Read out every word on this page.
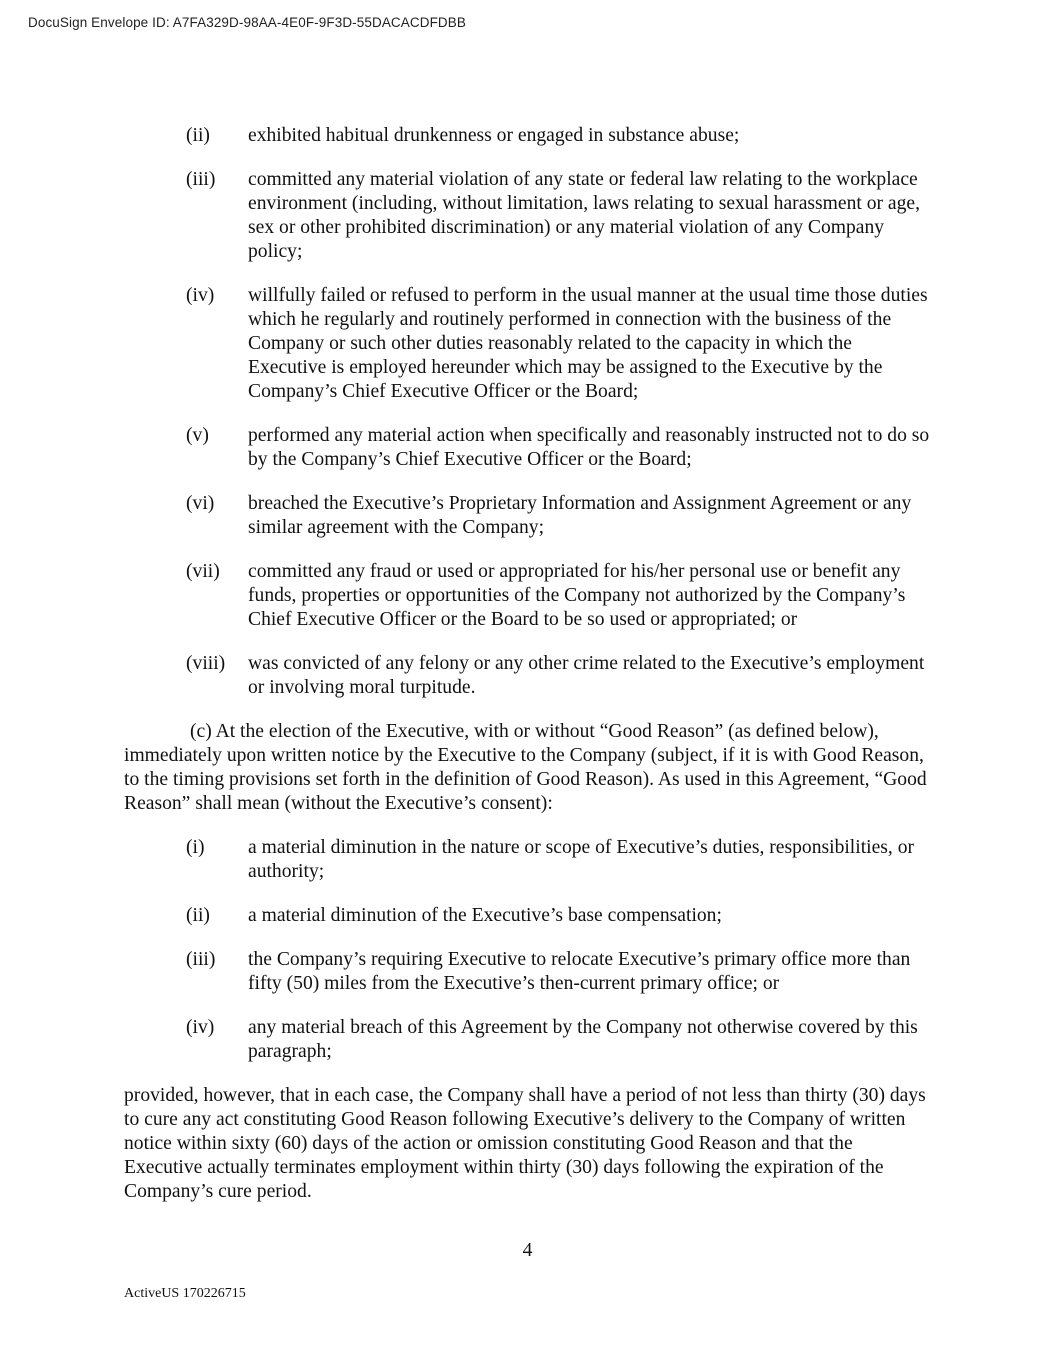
DocuSign Envelope ID: A7FA329D-98AA-4E0F-9F3D-55DACACDFDBB
(ii) exhibited habitual drunkenness or engaged in substance abuse;
(iii) committed any material violation of any state or federal law relating to the workplace environment (including, without limitation, laws relating to sexual harassment or age, sex or other prohibited discrimination) or any material violation of any Company policy;
(iv) willfully failed or refused to perform in the usual manner at the usual time those duties which he regularly and routinely performed in connection with the business of the Company or such other duties reasonably related to the capacity in which the Executive is employed hereunder which may be assigned to the Executive by the Company’s Chief Executive Officer or the Board;
(v) performed any material action when specifically and reasonably instructed not to do so by the Company’s Chief Executive Officer or the Board;
(vi) breached the Executive’s Proprietary Information and Assignment Agreement or any similar agreement with the Company;
(vii) committed any fraud or used or appropriated for his/her personal use or benefit any funds, properties or opportunities of the Company not authorized by the Company’s Chief Executive Officer or the Board to be so used or appropriated; or
(viii) was convicted of any felony or any other crime related to the Executive’s employment or involving moral turpitude.

(c) At the election of the Executive, with or without “Good Reason” (as defined below), immediately upon written notice by the Executive to the Company (subject, if it is with Good Reason, to the timing provisions set forth in the definition of Good Reason). As used in this Agreement, “Good Reason” shall mean (without the Executive’s consent):

(i) a material diminution in the nature or scope of Executive’s duties, responsibilities, or authority;
(ii) a material diminution of the Executive’s base compensation;
(iii) the Company’s requiring Executive to relocate Executive’s primary office more than fifty (50) miles from the Executive’s then-current primary office; or
(iv) any material breach of this Agreement by the Company not otherwise covered by this paragraph;

provided, however, that in each case, the Company shall have a period of not less than thirty (30) days to cure any act constituting Good Reason following Executive’s delivery to the Company of written notice within sixty (60) days of the action or omission constituting Good Reason and that the Executive actually terminates employment within thirty (30) days following the expiration of the Company’s cure period.

4
ActiveUS 170226715
